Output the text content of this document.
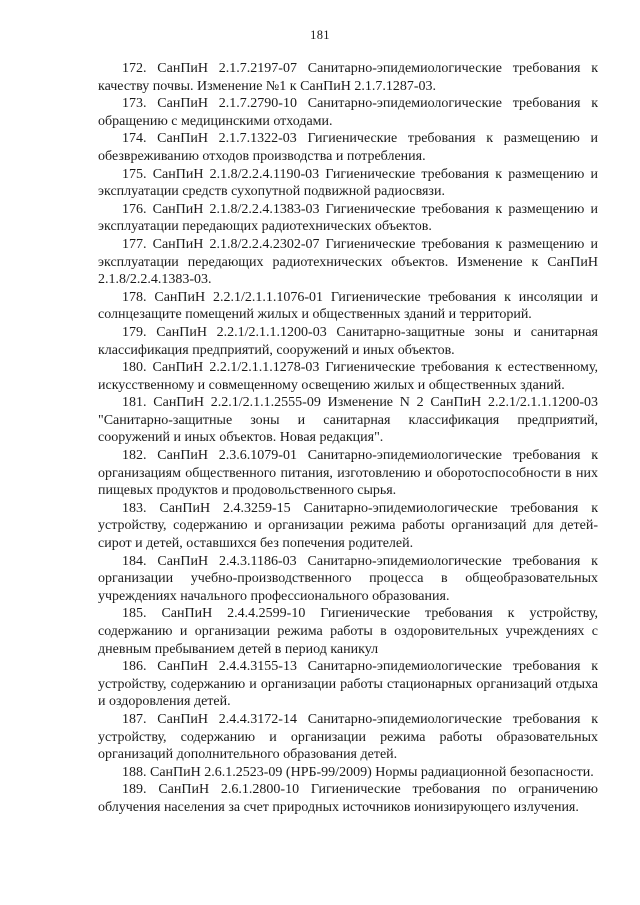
181

172. СанПиН 2.1.7.2197-07 Санитарно-эпидемиологические требования к качеству почвы. Изменение №1 к СанПиН 2.1.7.1287-03.

173. СанПиН 2.1.7.2790-10 Санитарно-эпидемиологические требования к обращению с медицинскими отходами.

174. СанПиН 2.1.7.1322-03 Гигиенические требования к размещению и обезвреживанию отходов производства и потребления.

175. СанПиН 2.1.8/2.2.4.1190-03 Гигиенические требования к размещению и эксплуатации средств сухопутной подвижной радиосвязи.

176. СанПиН 2.1.8/2.2.4.1383-03 Гигиенические требования к размещению и эксплуатации передающих радиотехнических объектов.

177. СанПиН 2.1.8/2.2.4.2302-07 Гигиенические требования к размещению и эксплуатации передающих радиотехнических объектов. Изменение к СанПиН 2.1.8/2.2.4.1383-03.

178. СанПиН 2.2.1/2.1.1.1076-01 Гигиенические требования к инсоляции и солнцезащите помещений жилых и общественных зданий и территорий.

179. СанПиН 2.2.1/2.1.1.1200-03 Санитарно-защитные зоны и санитарная классификация предприятий, сооружений и иных объектов.

180. СанПиН 2.2.1/2.1.1.1278-03 Гигиенические требования к естественному, искусственному и совмещенному освещению жилых и общественных зданий.

181. СанПиН 2.2.1/2.1.1.2555-09 Изменение N 2 СанПиН 2.2.1/2.1.1.1200-03 "Санитарно-защитные зоны и санитарная классификация предприятий, сооружений и иных объектов. Новая редакция".

182. СанПиН 2.3.6.1079-01 Санитарно-эпидемиологические требования к организациям общественного питания, изготовлению и оборотоспособности в них пищевых продуктов и продовольственного сырья.

183. СанПиН 2.4.3259-15 Санитарно-эпидемиологические требования к устройству, содержанию и организации режима работы организаций для детей-сирот и детей, оставшихся без попечения родителей.

184. СанПиН 2.4.3.1186-03 Санитарно-эпидемиологические требования к организации учебно-производственного процесса в общеобразовательных учреждениях начального профессионального образования.

185. СанПиН 2.4.4.2599-10 Гигиенические требования к устройству, содержанию и организации режима работы в оздоровительных учреждениях с дневным пребыванием детей в период каникул

186. СанПиН 2.4.4.3155-13 Санитарно-эпидемиологические требования к устройству, содержанию и организации работы стационарных организаций отдыха и оздоровления детей.

187. СанПиН 2.4.4.3172-14 Санитарно-эпидемиологические требования к устройству, содержанию и организации режима работы образовательных организаций дополнительного образования детей.

188. СанПиН 2.6.1.2523-09 (НРБ-99/2009) Нормы радиационной безопасности.

189. СанПиН 2.6.1.2800-10 Гигиенические требования по ограничению облучения населения за счет природных источников ионизирующего излучения.
